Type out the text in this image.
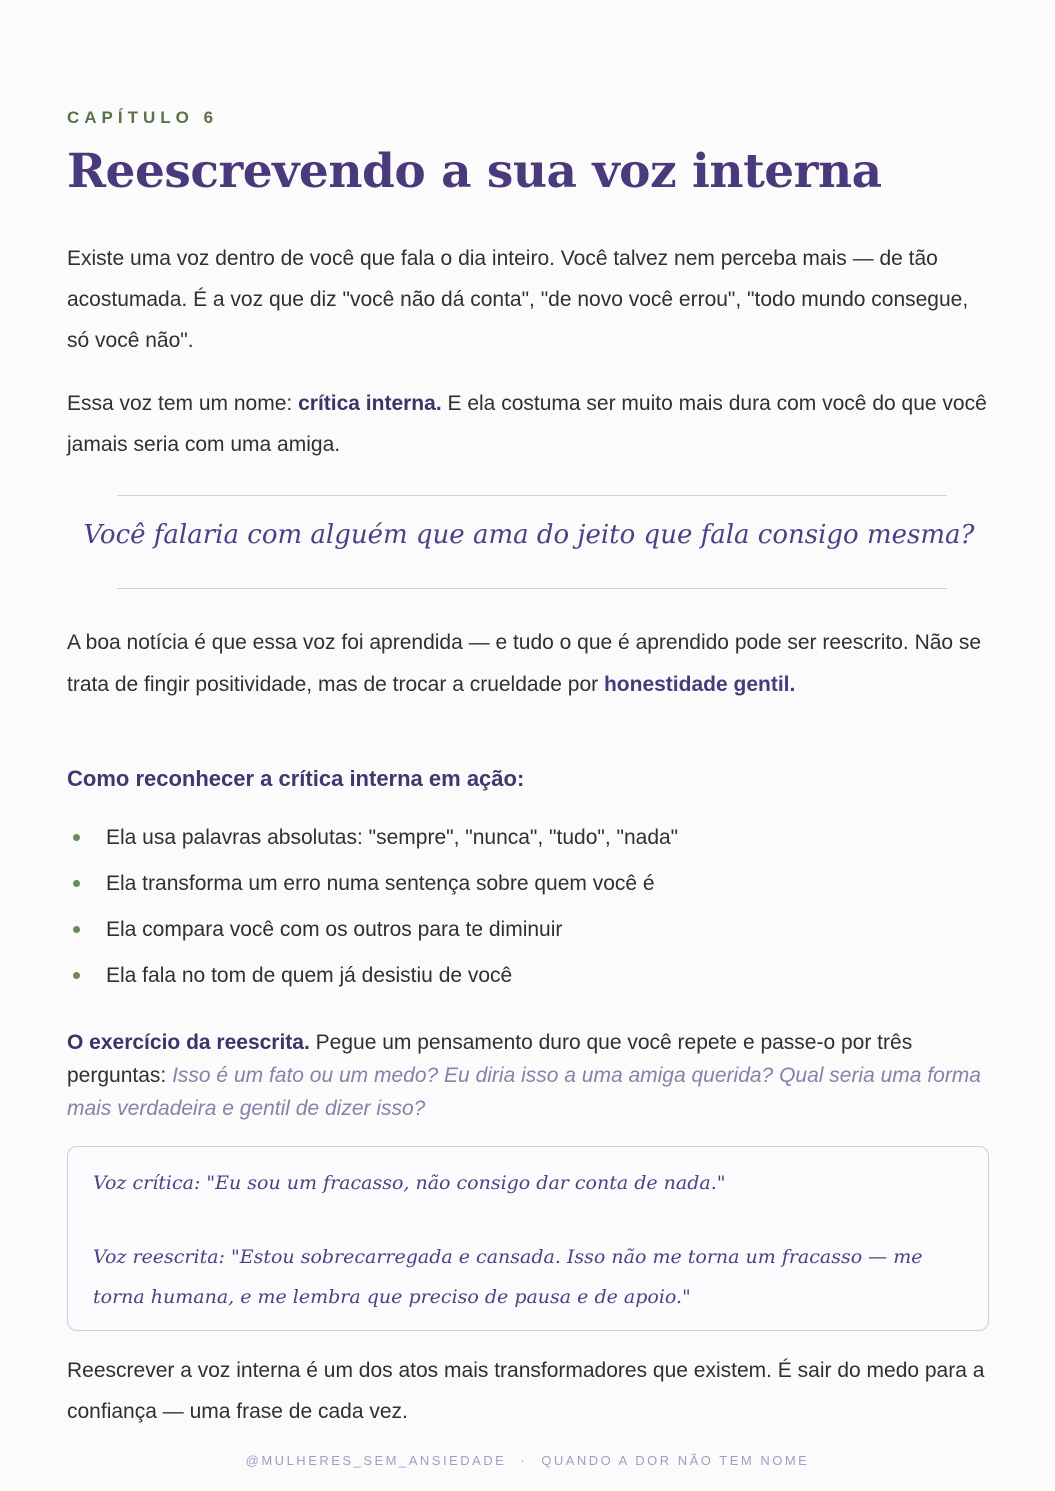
CAPÍTULO 6
Reescrevendo a sua voz interna

Existe uma voz dentro de você que fala o dia inteiro. Você talvez nem perceba mais — de tão acostumada. É a voz que diz "você não dá conta", "de novo você errou", "todo mundo consegue, só você não".

Essa voz tem um nome: crítica interna. E ela costuma ser muito mais dura com você do que você jamais seria com uma amiga.

Você falaria com alguém que ama do jeito que fala consigo mesma?

A boa notícia é que essa voz foi aprendida — e tudo o que é aprendido pode ser reescrito. Não se trata de fingir positividade, mas de trocar a crueldade por honestidade gentil.

Como reconhecer a crítica interna em ação:
Ela usa palavras absolutas: "sempre", "nunca", "tudo", "nada"
Ela transforma um erro numa sentença sobre quem você é
Ela compara você com os outros para te diminuir
Ela fala no tom de quem já desistiu de você

O exercício da reescrita. Pegue um pensamento duro que você repete e passe-o por três perguntas: Isso é um fato ou um medo? Eu diria isso a uma amiga querida? Qual seria uma forma mais verdadeira e gentil de dizer isso?

Voz crítica: "Eu sou um fracasso, não consigo dar conta de nada."

Voz reescrita: "Estou sobrecarregada e cansada. Isso não me torna um fracasso — me torna humana, e me lembra que preciso de pausa e de apoio."

Reescrever a voz interna é um dos atos mais transformadores que existem. É sair do medo para a confiança — uma frase de cada vez.

@MULHERES_SEM_ANSIEDADE · QUANDO A DOR NÃO TEM NOME
